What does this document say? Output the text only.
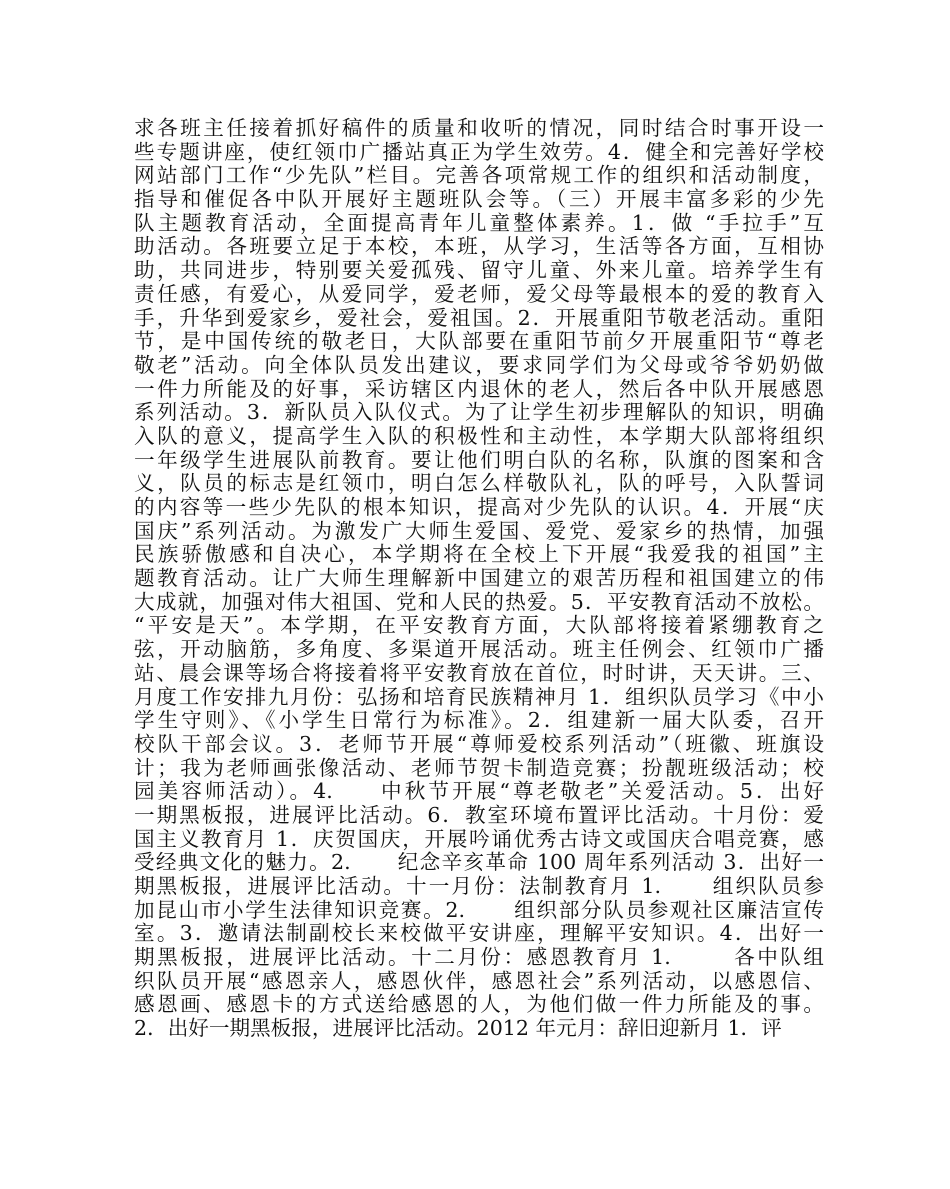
求各班主任接着抓好稿件的质量和收听的情况，同时结合时事开设一
些专题讲座，使红领巾广播站真正为学生效劳。4．健全和完善好学校
网站部门工作“少先队”栏目。完善各项常规工作的组织和活动制度，
指导和催促各中队开展好主题班队会等。（三）开展丰富多彩的少先
队主题教育活动，全面提高青年儿童整体素养。1．做 “手拉手”互
助活动。各班要立足于本校，本班，从学习，生活等各方面，互相协
助，共同进步，特别要关爱孤残、留守儿童、外来儿童。培养学生有
责任感，有爱心，从爱同学，爱老师，爱父母等最根本的爱的教育入
手，升华到爱家乡，爱社会，爱祖国。2．开展重阳节敬老活动。重阳
节，是中国传统的敬老日，大队部要在重阳节前夕开展重阳节“尊老
敬老”活动。向全体队员发出建议，要求同学们为父母或爷爷奶奶做
一件力所能及的好事，采访辖区内退休的老人，然后各中队开展感恩
系列活动。3．新队员入队仪式。为了让学生初步理解队的知识，明确
入队的意义，提高学生入队的积极性和主动性，本学期大队部将组织
一年级学生进展队前教育。要让他们明白队的名称，队旗的图案和含
义，队员的标志是红领巾，明白怎么样敬队礼，队的呼号，入队誓词
的内容等一些少先队的根本知识，提高对少先队的认识。4．开展“庆
国庆”系列活动。为激发广大师生爱国、爱党、爱家乡的热情，加强
民族骄傲感和自决心，本学期将在全校上下开展“我爱我的祖国”主
题教育活动。让广大师生理解新中国建立的艰苦历程和祖国建立的伟
大成就，加强对伟大祖国、党和人民的热爱。5．平安教育活动不放松。
“平安是天”。本学期，在平安教育方面，大队部将接着紧绷教育之
弦，开动脑筋，多角度、多渠道开展活动。班主任例会、红领巾广播
站、晨会课等场合将接着将平安教育放在首位，时时讲，天天讲。三、
月度工作安排九月份：弘扬和培育民族精神月 1．组织队员学习《中小
学生守则》、《小学生日常行为标准》。2．组建新一届大队委，召开
校队干部会议。3．老师节开展“尊师爱校系列活动”（班徽、班旗设
计；我为老师画张像活动、老师节贺卡制造竞赛；扮靓班级活动；校
园美容师活动）。4.     中秋节开展“尊老敬老”关爱活动。5．出好
一期黑板报，进展评比活动。6．教室环境布置评比活动。十月份：爱
国主义教育月 1．庆贺国庆，开展吟诵优秀古诗文或国庆合唱竞赛，感
受经典文化的魅力。2.      纪念辛亥革命 100 周年系列活动 3．出好一
期黑板报，进展评比活动。十一月份：法制教育月 1.      组织队员参
加昆山市小学生法律知识竞赛。2.      组织部分队员参观社区廉洁宣传
室。3．邀请法制副校长来校做平安讲座，理解平安知识。4．出好一
期黑板报，进展评比活动。十二月份：感恩教育月 1.       各中队组
织队员开展“感恩亲人，感恩伙伴，感恩社会”系列活动，以感恩信、
感恩画、感恩卡的方式送给感恩的人，为他们做一件力所能及的事。
2．出好一期黑板报，进展评比活动。2012 年元月：辞旧迎新月 1．评
